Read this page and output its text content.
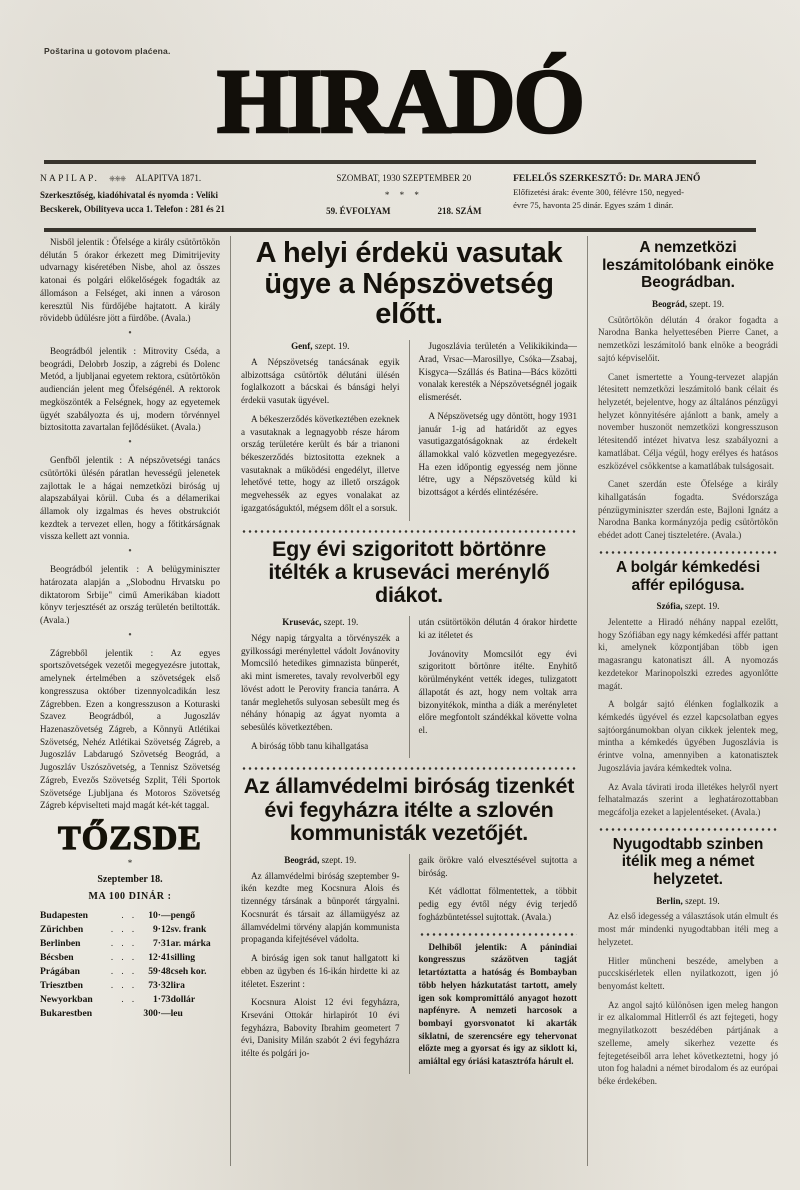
Poštarina u gotovom plaćena. HIRADÓ
NAPILAP. ⎈⎈⎈ ALAPITVA 1871.
Szerkesztőség, kiadóhivatal és nyomda : Veliki
Becskerek, Obilityeva ucca 1. Telefon : 281 és 21
SZOMBAT, 1930 SZEPTEMBER 20
* * *
59. ÉVFOLYAM	218. SZÁM
FELELŐS SZERKESZTŐ: Dr. MARA JENŐ
Előfizetési árak: évente 300, félévre 150, negyed-
évre 75, havonta 25 dinár. Egyes szám 1 dinár.

Nisből jelentik : Őfelsége a király csütörtökön délután 5 órakor érkezett meg Dimitrijevity udvarnagy kiséretében Nisbe, ahol az összes katonai és polgári előkelőségek fogadták az állomáson a Felséget, aki innen a városon keresztül Nis fürdőjébe hajtatott. A király rövidebb üdülésre jött a fürdőbe. (Avala.)

•

Beográdból jelentik : Mitrovity Cséda, a beográdi, Delobrb Joszip, a zágrebi és Dolenc Metód, a ljubljanai egyetem rektora, csütörtökön audiencián jelent meg Őfelségénél. A rektorok megköszönték a Felségnek, hogy az egyetemek ügyét szabályozta és uj, modern törvénnyel biztositotta zavartalan fejlődésüket. (Avala.)

•

Genfből jelentik : A népszövetségi tanács csütörtöki ülésén páratlan hevességű jelenetek zajlottak le a hágai nemzetközi biróság uj alapszabályai körül. Cuba és a délamerikai államok oly izgalmas és heves obstrukciót kezdtek a tervezet ellen, hogy a főtitkárságnak vissza kellett azt vonnia.

•

Beográdból jelentik : A belügyminiszter határozata alapján a „Slobodnu Hrvatsku po diktatorom Srbije" cimű Amerikában kiadott könyv terjesztését az ország területén betiltották. (Avala.)

•

Zágrebből jelentik : Az egyes sportszövetségek vezetői megegyezésre jutottak, amelynek értelmében a szövetségek első kongresszusa október tizennyolcadikán lesz Zágrebben. Ezen a kongresszuson a Koturaski Szavez Beográdból, a Jugoszláv Hazenaszövetség Zágreb, a Könnyü Atlétikai Szövetség, Nehéz Atlétikai Szövetség Zágreb, a Jugoszláv Labdarugó Szövetség Beográd, a Jugoszláv Uszószövetség, a Tennisz Szövetség Zágreb, Evezős Szövetség Szplit, Téli Sportok Szövetsége Ljubljana és Motoros Szövetség Zágreb képviselteti majd magát két-két taggal.

TŐZSDE
*
Szeptember 18.
MA 100 DINÁR :
Budapesten	. .	10·—	pengő
Zürichben	. . .	9·12	sv. frank
Berlinben	. . .	7·31	ar. márka
Bécsben	. . .	12·41	silling
Prágában	. . .	59·48	cseh kor.
Triesztben	. . .	73·32	lira
Newyorkban	. .	1·73	dollár
Bukarestben		300·—	leu
A helyi érdekü vasutak ügye a Népszövetség előtt.

Genf, szept. 19.

A Népszövetség tanácsának egyik albizottsága csütörtök délutáni ülésén foglalkozott a bácskai és bánsági helyi érdekü vasutak ügyével.

A békeszerződés következtében ezeknek a vasutaknak a legnagyobb része három ország területére került és bár a trianoni békeszerződés biztositotta ezeknek a vasutaknak a működési engedélyt, illetve lehetővé tette, hogy az illető országok megvehessék az egyes vonalakat az igazgatóságuktól, mégsem dőlt el a sorsuk.

Jugoszlávia területén a Velikikikinda—Arad, Vrsac—Marosillye, Csóka—Zsabaj, Kisgyca—Szállás és Batina—Bács közötti vonalak keresték a Népszövetségnél jogaik elismerését.

A Népszövetség ugy döntött, hogy 1931 január 1-ig ad határidőt az egyes vasutigazgatóságoknak az érdekelt államokkal való közvetlen megegyezésre. Ha ezen időpontig egyesség nem jönne létre, ugy a Népszövetség küld ki bizottságot a kérdés elintézésére.

Egy évi szigoritott börtönre itélték a kruseváci merénylő diákot.

Krusevác, szept. 19.

Négy napig tárgyalta a törvényszék a gyilkossági merénylettel vádolt Jovánovity Momcsiló hetedikes gimnazista bünperét, aki mint ismeretes, tavaly revolverből egy lövést adott le Perovity francia tanárra. A tanár meglehetős sulyosan sebesült meg és néhány hónapig az ágyat nyomta a sebesülés következtében.

A biróság több tanu kihallgatása

után csütörtökön délután 4 órakor hirdette ki az itéletet és

Jovánovity Momcsilót egy évi szigoritott börtönre itélte. Enyhitő körülményként vették ideges, tulizgatott állapotát és azt, hogy nem voltak arra bizonyitékok, mintha a diák a merényletet előre megfontolt szándékkal követte volna el.

Az államvédelmi biróság tizenkét évi fegyházra itélte a szlovén kommunisták vezetőjét.

Beográd, szept. 19.

Az államvédelmi biróság szeptember 9-ikén kezdte meg Kocsnura Alois és tizennégy társának a bünporét tárgyalni. Kocsnurát és társait az államügyész az államvédelmi törvény alapján kommunista propaganda kifejtésével vádolta.

A biróság igen sok tanut hallgatott ki ebben az ügyben és 16-ikán hirdette ki az itéletet. Eszerint :

Kocsnura Aloist 12 évi fegyházra, Krseváni Ottokár hirlapirót 10 évi fegyházra, Babovity Ibrahim geometert 7 évi, Danisity Milán szabót 2 évi fegyházra itélte és polgári jo-

gaik örökre való elvesztésével sujtotta a biróság.

Két vádlottat fölmentettek, a többit pedig egy évtől négy évig terjedő fogházbüntetéssel sujtottak. (Avala.)

Delhiből jelentik: A pánindiai kongresszus százötven tagját letartóztatta a hatóság és Bombayban több helyen házkutatást tartott, amely igen sok kompromittáló anyagot hozott napfényre. A nemzeti harcosok a bombayi gyorsvonatot ki akarták siklatni, de szerencsére egy tehervonat előzte meg a gyorsat és igy az siklott ki, amiáltal egy óriási katasztrófa hárult el.

A nemzetközi leszámitolóbank einöke Beográdban.

Beográd, szept. 19.

Csütörtökön délután 4 órakor fogadta a Narodna Banka helyettesében Pierre Canet, a nemzetközi leszámitoló bank elnöke a beográdi sajtó képviselőit.

Canet ismertette a Young-tervezet alapján létesitett nemzetközi leszámitoló bank célait és helyzetét, bejelentve, hogy az általános pénzügyi helyzet könnyitésére ajánlott a bank, amely a november huszonöt nemzetközi kongresszuson létesitendő intézet hivatva lesz szabályozni a kamatlábat. Célja végül, hogy erélyes és hatásos eszközével csökkentse a kamatlábak tulságosait.

Canet szerdán este Őfelsége a király kihallgatásán fogadta. Svédországa pénzügyminiszter szerdán este, Bajloni Ignátz a Narodna Banka kormányzója pedig csütörtökön ebédet adott Canej tiszteletére. (Avala.)

A bolgár kémkedési affér epilógusa.

Szófia, szept. 19.

Jelentette a Hiradó néhány nappal ezelőtt, hogy Szófiában egy nagy kémkedési affér pattant ki, amelynek központjában több igen magasrangu katonatiszt áll. A nyomozás kezdetekor Marinopolszki ezredes agyonlőtte magát.

A bolgár sajtó élénken foglalkozik a kémkedés ügyével és ezzel kapcsolatban egyes sajtóorgánumokban olyan cikkek jelentek meg, mintha a kémkedés ügyében Jugoszlávia is érintve volna, amennyiben a katonatisztek Jugoszlávia javára kémkedtek volna.

Az Avala távirati iroda illetékes helyről nyert felhatalmazás szerint a leghatározottabban megcáfolja ezeket a lapjelentéseket. (Avala.)

Nyugodtabb szinben itélik meg a német helyzetet.

Berlin, szept. 19.

Az első idegesség a választások után elmult és most már mindenki nyugodtabban itéli meg a helyzetet.

Hitler müncheni beszéde, amelyben a puccskisérletek ellen nyilatkozott, igen jó benyomást keltett.

Az angol sajtó különösen igen meleg hangon ir ez alkalommal Hitlerről és azt fejtegeti, hogy megnyilatkozott beszédében pártjának a szelleme, amely sikerhez vezette és fejtegetéseiből arra lehet következtetni, hogy jó uton fog haladni a német birodalom és az európai béke érdekében.
